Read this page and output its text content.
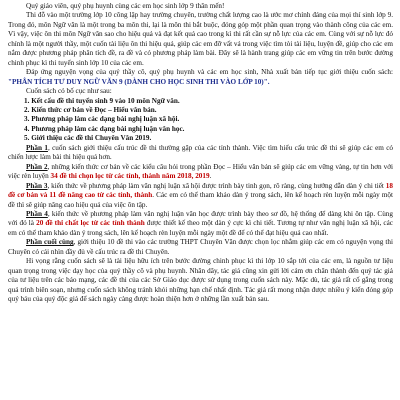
Quý giáo viên, quý phụ huynh cùng các em học sinh lớp 9 thân mến!

Thi đỗ vào một trường lớp 10 công lập hay trường chuyên, trường chất lượng cao là ước mơ chính đáng của mọi thí sinh lớp 9. Trong đó, môn Ngữ văn là một trong ba môn thi, lại là môn thi bắt buộc, đóng góp một phần quan trọng vào thành công của các em. Vì vậy, việc ôn thi môn Ngữ văn sao cho hiệu quả và đạt kết quả cao trong kì thi rất cần sự nỗ lực của các em. Cùng với sự nỗ lực đó chính là một người thầy, một cuốn tài liệu ôn thi hiệu quả, giúp các em đỡ vất vả trong việc tìm tòi tài liệu, luyện đề, giúp cho các em nắm được phương pháp phân tích đề, ra đề và có phương pháp làm bài. Đây sẽ là hành trang giúp các em vững tin trên bước đường chinh phục kì thi tuyển sinh lớp 10 của các em.

Đáp ứng nguyện vọng của quý thầy cô, quý phụ huynh và các em học sinh, Nhà xuất bản tiếp tục giới thiệu cuốn sách: "PHÂN TÍCH TƯ DUY NGỮ VĂN 9 (DÀNH CHO HỌC SINH THI VÀO LỚP 10)".

Cuốn sách có bố cục như sau:

1. Kết cấu đề thi tuyển sinh 9 vào 10 môn Ngữ văn.
2. Kiến thức cơ bản về Đọc – Hiểu văn bản.
3. Phương pháp làm các dạng bài nghị luận xã hội.
4. Phương pháp làm các dạng bài nghị luận văn học.
5. Giới thiệu các đề thi Chuyên Văn 2019.

Phần 1, cuốn sách giới thiệu cấu trúc đề thi thường gặp của các tỉnh thành. Việc tìm hiểu cấu trúc đề thi sẽ giúp các em có chiến lược làm bài thi hiệu quả hơn.

Phần 2, những kiến thức cơ bản về các kiểu câu hỏi trong phần Đọc – Hiểu văn bản sẽ giúp các em vững vàng, tự tin hơn với việc rèn luyện 34 đề thi chọn lọc từ các tỉnh, thành năm 2018, 2019.

Phần 3, kiến thức về phương pháp làm văn nghị luận xã hội được trình bày tinh gọn, rõ ràng, cùng hướng dẫn dàn ý chi tiết 18 đề cơ bản và 11 đề nâng cao từ các tỉnh, thành. Các em có thể tham khảo dàn ý trong sách, lên kế hoạch rèn luyện mỗi ngày một đề thì sẽ giúp nâng cao hiệu quả của việc ôn tập.

Phần 4, kiến thức về phương pháp làm văn nghị luận văn học được trình bày theo sơ đồ, hệ thống để dàng khi ôn tập. Cùng với đó là 20 đề thi chất lọc từ các tỉnh thành được thiết kế theo một dàn ý cực kì chi tiết. Tương tự như văn nghị luận xã hội, các em có thể tham khảo dàn ý trong sách, lên kế hoạch rèn luyện mỗi ngày một đề để có thể đạt hiệu quả cao nhất.

Phần cuối cùng, giới thiệu 10 đề thi vào các trường THPT Chuyên Văn được chọn lọc nhằm giúp các em có nguyện vọng thi Chuyên có cái nhìn đầy đủ về cấu trúc ra đề thi Chuyên.

Hi vọng rằng cuốn sách sẽ là tài liệu hữu ích trên bước đường chinh phục kì thi lớp 10 sắp tới của các em, là nguồn tư liệu quan trọng trong việc dạy học của quý thầy cô và phụ huynh. Nhân dây, tác giả cũng xin gửi lời cảm ơn chân thành đến quý tác giả của tư liệu trên các báo mạng, các đề thi của các Sở Giáo dục được sử dụng trong cuốn sách này. Mặc dù, tác giả rất cố gắng trong quá trình biên soạn, nhưng cuốn sách không tránh khỏi những hạn chế nhất định. Tác giả rất mong nhận được nhiều ý kiến đóng góp quý báu của quý độc giả để sách ngày càng được hoàn thiện hơn ở những lần xuất bản sau.
